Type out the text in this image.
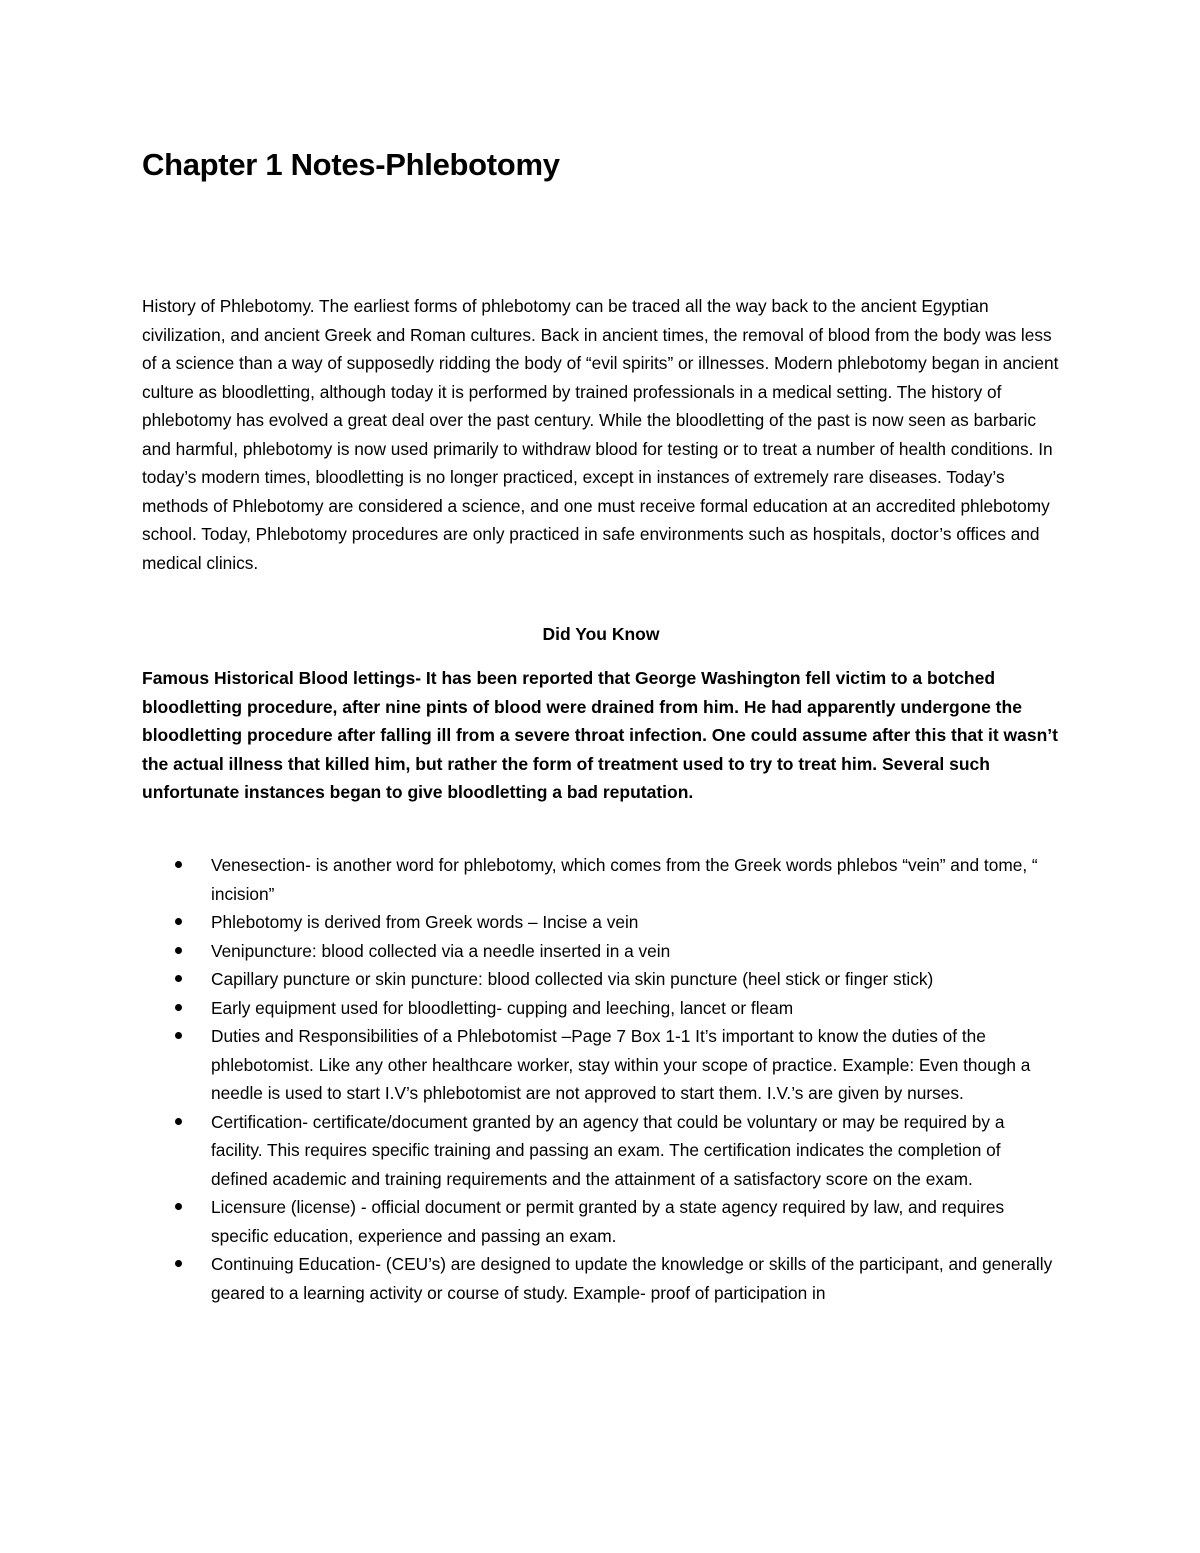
Chapter 1 Notes-Phlebotomy

History of Phlebotomy. The earliest forms of phlebotomy can be traced all the way back to the ancient Egyptian civilization, and ancient Greek and Roman cultures. Back in ancient times, the removal of blood from the body was less of a science than a way of supposedly ridding the body of “evil spirits” or illnesses. Modern phlebotomy began in ancient culture as bloodletting, although today it is performed by trained professionals in a medical setting. The history of phlebotomy has evolved a great deal over the past century. While the bloodletting of the past is now seen as barbaric and harmful, phlebotomy is now used primarily to withdraw blood for testing or to treat a number of health conditions. In today’s modern times, bloodletting is no longer practiced, except in instances of extremely rare diseases. Today’s methods of Phlebotomy are considered a science, and one must receive formal education at an accredited phlebotomy school. Today, Phlebotomy procedures are only practiced in safe environments such as hospitals, doctor’s offices and medical clinics.

Did You Know

Famous Historical Blood lettings- It has been reported that George Washington fell victim to a botched bloodletting procedure, after nine pints of blood were drained from him. He had apparently undergone the bloodletting procedure after falling ill from a severe throat infection. One could assume after this that it wasn’t the actual illness that killed him, but rather the form of treatment used to try to treat him. Several such unfortunate instances began to give bloodletting a bad reputation.

Venesection- is another word for phlebotomy, which comes from the Greek words phlebos “vein” and tome, “ incision”
Phlebotomy is derived from Greek words – Incise a vein
Venipuncture: blood collected via a needle inserted in a vein
Capillary puncture or skin puncture: blood collected via skin puncture (heel stick or finger stick)
Early equipment used for bloodletting- cupping and leeching, lancet or fleam
Duties and Responsibilities of a Phlebotomist –Page 7 Box 1-1 It’s important to know the duties of the phlebotomist. Like any other healthcare worker, stay within your scope of practice. Example: Even though a needle is used to start I.V’s phlebotomist are not approved to start them. I.V.’s are given by nurses.
Certification- certificate/document granted by an agency that could be voluntary or may be required by a facility. This requires specific training and passing an exam. The certification indicates the completion of defined academic and training requirements and the attainment of a satisfactory score on the exam.
Licensure (license) - official document or permit granted by a state agency required by law, and requires specific education, experience and passing an exam.
Continuing Education- (CEU’s) are designed to update the knowledge or skills of the participant, and generally geared to a learning activity or course of study. Example- proof of participation in
